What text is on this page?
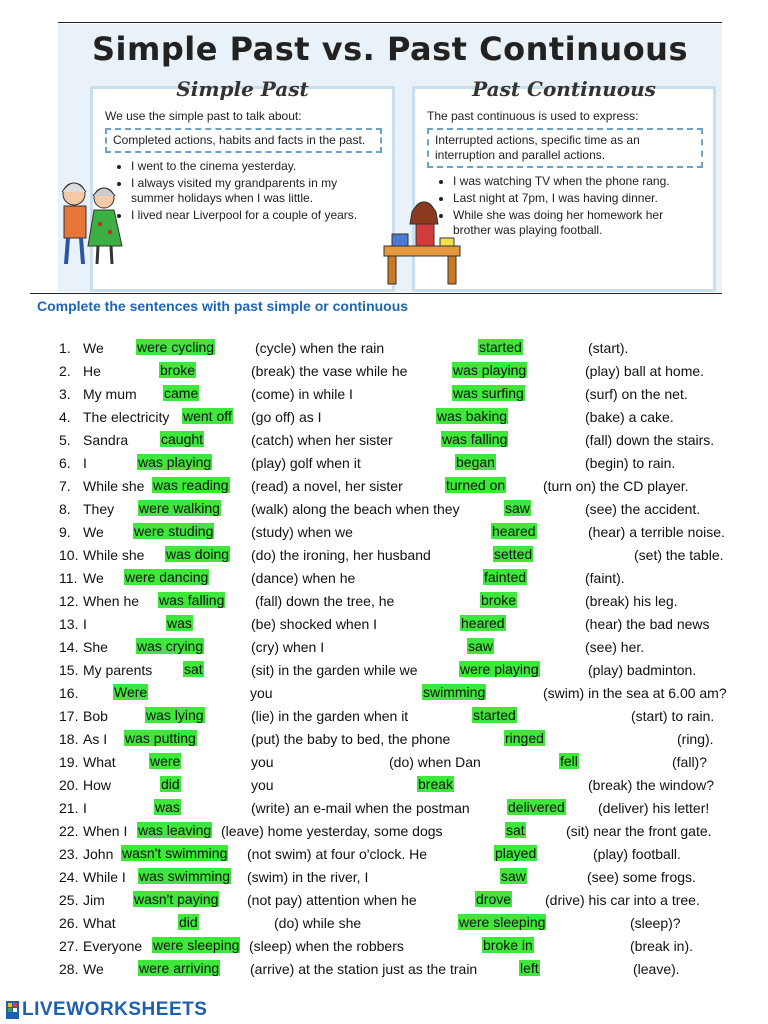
Simple Past vs. Past Continuous
Simple Past

We use the simple past to talk about:

Completed actions, habits and facts in the past.
• I went to the cinema yesterday.
• I always visited my grandparents in my summer holidays when I was little.
• I lived near Liverpool for a couple of years.
Past Continuous

The past continuous is used to express:

Interrupted actions, specific time as an interruption and parallel actions.
• I was watching TV when the phone rang.
• Last night at 7pm, I was having dinner.
• While she was doing her homework her brother was playing football.
Complete the sentences with past simple or continuous
1. We were cycling	(cycle) when the rain	started	(start).
2. He	broke	(break) the vase while he	was playing	(play) ball at home.
3. My mum came	(come) in while I	was surfing	(surf) on the net.
4. The electricity went off (go off) as I	was baking	(bake) a cake.
5. Sandra caught	(catch) when her sister	was falling	(fall) down the stairs.
6. I	was playing	(play) golf when it	began	(begin) to rain.
7. While she was reading (read) a novel, her sister	turned on	(turn on) the CD player.
8. They were walking (walk) along the beach when they	saw	(see) the accident.
9. We were studing	(study) when we	heared	(hear) a terrible noise.
10. While she was doing (do) the ironing, her husband	setted	(set) the table.
11. We were dancing	(dance) when he	fainted	(faint).
12. When he was falling (fall) down the tree, he	broke	(break) his leg.
13. I	was	(be) shocked when I	heared	(hear) the bad news
14. She was crying	(cry) when I	saw	(see) her.
15. My parents sat	(sit) in the garden while we	were playing	(play) badminton.
16.	Were	you	swimming	(swim) in the sea at 6.00 am?
17. Bob	was lying	(lie) in the garden when it	started	(start) to rain.
18. As I was putting	(put) the baby to bed, the phone	ringed	(ring).
19. What were	you	(do) when Dan	fell	(fall)?
20. How	did	you	break	(break) the window?
21. I	was	(write) an e-mail when the postman	delivered (deliver) his letter!
22. When I was leaving (leave) home yesterday, some dogs	sat	(sit) near the front gate.
23. John wasn't swimming (not swim) at four o'clock. He	played	(play) football.
24. While I was swimming (swim) in the river, I	saw	(see) some frogs.
25. Jim wasn't paying (not pay) attention when he	drove (drive) his car into a tree.
26. What	did	(do) while she	were sleeping	(sleep)?
27. Everyone were sleeping (sleep) when the robbers	broke in	(break in).
28. We	were arriving (arrive) at the station just as the train	left	(leave).
LIVEWORKSHEETS
